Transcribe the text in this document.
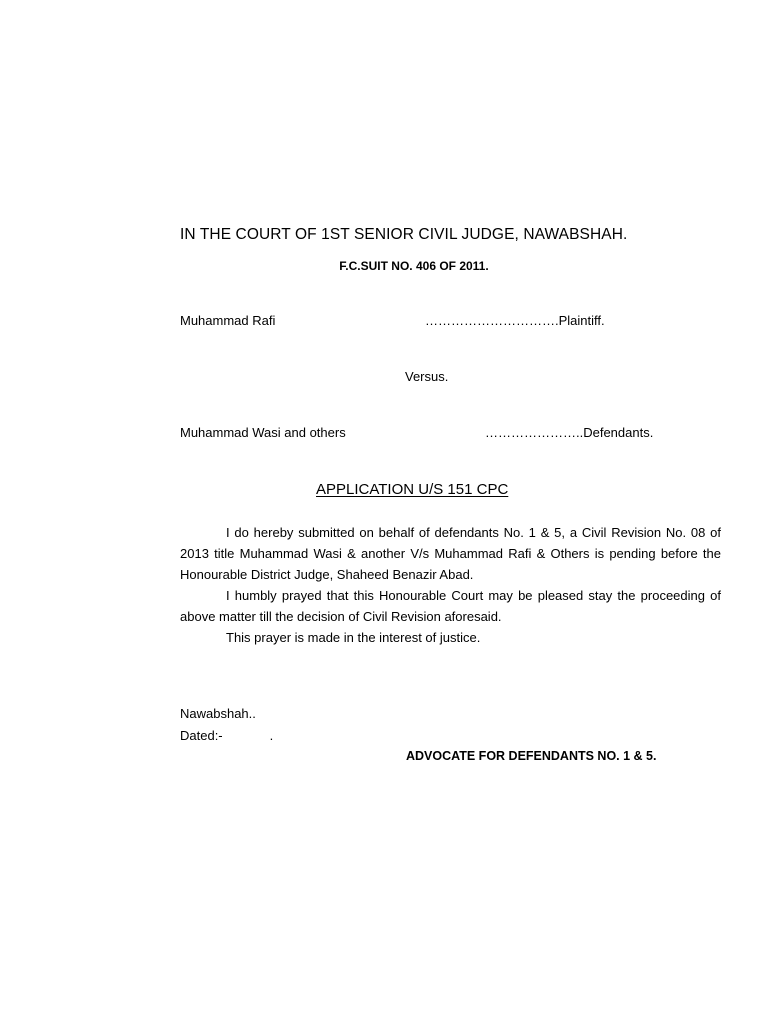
IN THE COURT OF 1ST SENIOR CIVIL JUDGE, NAWABSHAH.
F.C.SUIT NO. 406 OF 2011.
Muhammad Rafi	………………………….Plaintiff.
Versus.
Muhammad Wasi and others	…………………..Defendants.
APPLICATION U/S 151 CPC

I do hereby submitted on behalf of defendants No. 1 & 5, a Civil Revision No. 08 of 2013 title Muhammad Wasi & another V/s Muhammad Rafi & Others is pending before the Honourable District Judge, Shaheed Benazir Abad.

I humbly prayed that this Honourable Court may be pleased stay the proceeding of above matter till the decision of Civil Revision aforesaid.

This prayer is made in the interest of justice.

Nawabshah..
Dated:-             .
ADVOCATE FOR DEFENDANTS NO. 1 & 5.
